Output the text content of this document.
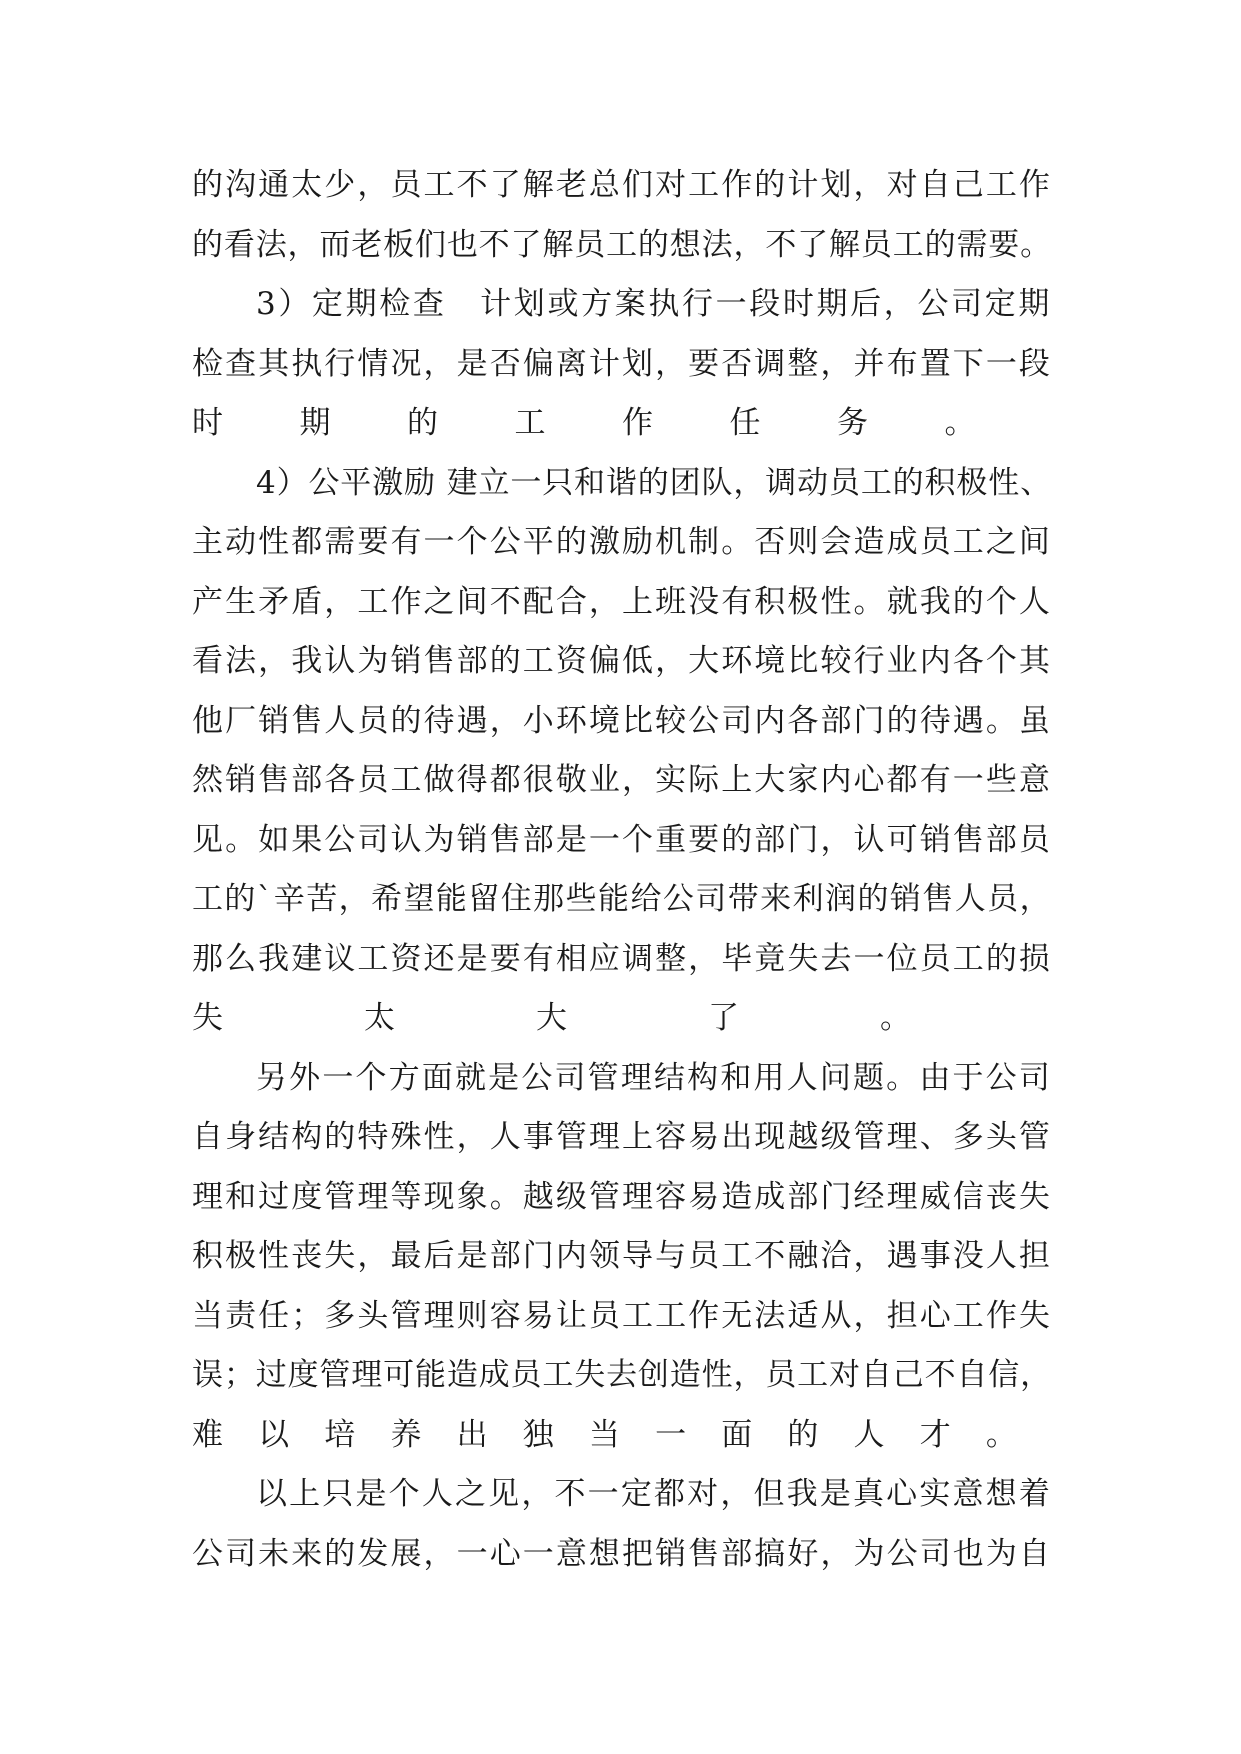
的沟通太少，员工不了解老总们对工作的计划，对自己工作
的看法，而老板们也不了解员工的想法，不了解员工的需要。
3）定期检查　计划或方案执行一段时期后，公司定期
检查其执行情况，是否偏离计划，要否调整，并布置下一段
时期的工作任务。
4）公平激励 建立一只和谐的团队，调动员工的积极性、
主动性都需要有一个公平的激励机制。否则会造成员工之间
产生矛盾，工作之间不配合，上班没有积极性。就我的个人
看法，我认为销售部的工资偏低，大环境比较行业内各个其
他厂销售人员的待遇，小环境比较公司内各部门的待遇。虽
然销售部各员工做得都很敬业，实际上大家内心都有一些意
见。如果公司认为销售部是一个重要的部门，认可销售部员
工的`辛苦，希望能留住那些能给公司带来利润的销售人员，
那么我建议工资还是要有相应调整，毕竟失去一位员工的损
失太大了。
另外一个方面就是公司管理结构和用人问题。由于公司
自身结构的特殊性，人事管理上容易出现越级管理、多头管
理和过度管理等现象。越级管理容易造成部门经理威信丧失
积极性丧失，最后是部门内领导与员工不融洽，遇事没人担
当责任；多头管理则容易让员工工作无法适从，担心工作失
误；过度管理可能造成员工失去创造性，员工对自己不自信，
难以培养出独当一面的人才。
以上只是个人之见，不一定都对，但我是真心实意想着
公司未来的发展，一心一意想把销售部搞好，为公司也为自
